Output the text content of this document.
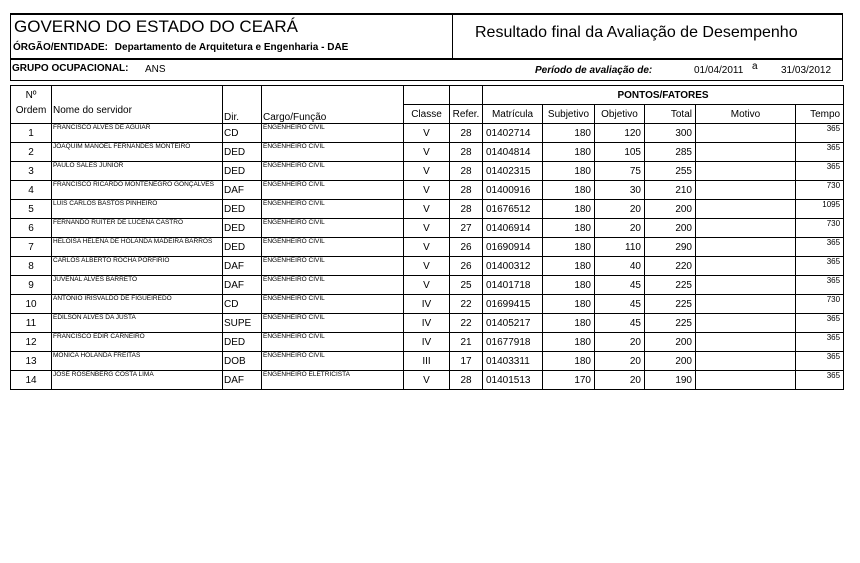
GOVERNO DO ESTADO DO CEARÁ
ÓRGÃO/ENTIDADE: Departamento de Arquitetura e Engenharia - DAE
Resultado final da Avaliação de Desempenho
GRUPO OCUPACIONAL: ANS	Período de avaliação de:	01/04/2011 a 31/03/2012
Nº						PONTOS/FATORES					
Ordem	Nome do servidor	Dir.	Cargo/Função	Classe	Refer.	Matrícula	Subjetivo	Objetivo	Total	Motivo	Tempo
1	FRANCISCO ALVES DE AGUIAR	CD	ENGENHEIRO CIVIL	V	28	01402714	180	120	300		365
2	JOAQUIM MANOEL FERNANDES MONTEIRO	DED	ENGENHEIRO CIVIL	V	28	01404814	180	105	285		365
3	PAULO SALES JUNIOR	DED	ENGENHEIRO CIVIL	V	28	01402315	180	75	255		365
4	FRANCISCO RICARDO MONTENEGRO GONÇALVES	DAF	ENGENHEIRO CIVIL	V	28	01400916	180	30	210		730
5	LUIS CARLOS BASTOS PINHEIRO	DED	ENGENHEIRO CIVIL	V	28	01676512	180	20	200		1095
6	FERNANDO RUITER DE LUCENA CASTRO	DED	ENGENHEIRO CIVIL	V	27	01406914	180	20	200		730
7	HELOISA HELENA DE HOLANDA MADEIRA BARROS	DED	ENGENHEIRO CIVIL	V	26	01690914	180	110	290		365
8	CARLOS ALBERTO ROCHA PORFIRIO	DAF	ENGENHEIRO CIVIL	V	26	01400312	180	40	220		365
9	JUVENAL ALVES BARRETO	DAF	ENGENHEIRO CIVIL	V	25	01401718	180	45	225		365
10	ANTÔNIO IRISVALDO DE FIGUEIREDO	CD	ENGENHEIRO CIVIL	IV	22	01699415	180	45	225		730
11	EDILSON ALVES DA JUSTA	SUPE	ENGENHEIRO CIVIL	IV	22	01405217	180	45	225		365
12	FRANCISCO EDIR CARNEIRO	DED	ENGENHEIRO CIVIL	IV	21	01677918	180	20	200		365
13	MONICA HOLANDA FREITAS	DOB	ENGENHEIRO CIVIL	III	17	01403311	180	20	200		365
14	JOSÉ ROSENBERG COSTA LIMA	DAF	ENGENHEIRO ELETRICISTA	V	28	01401513	170	20	190		365
